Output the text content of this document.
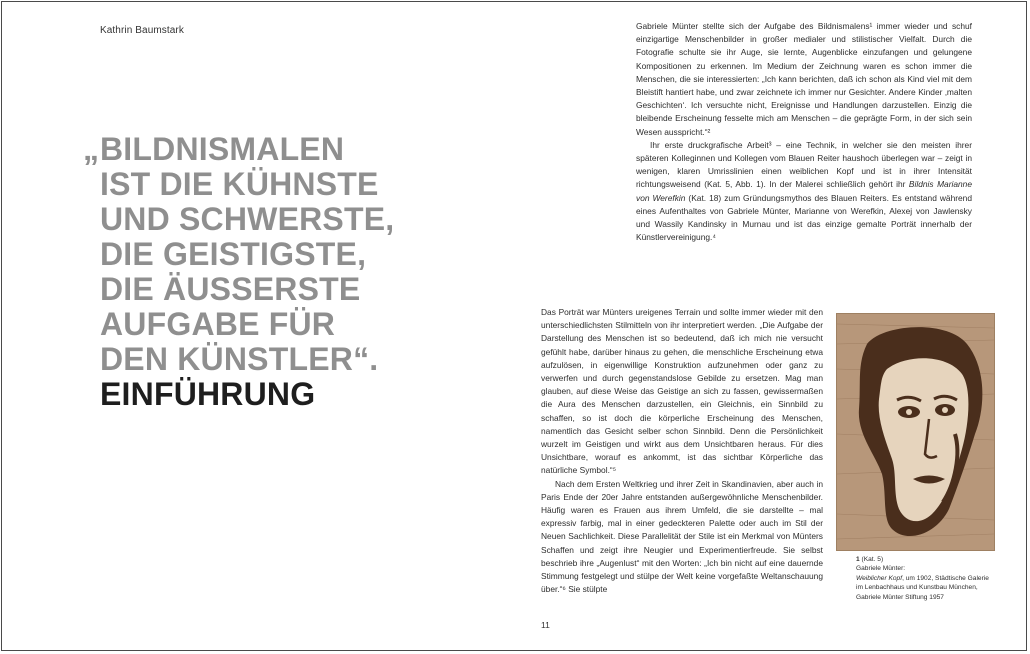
Kathrin Baumstark
„ BILDNISMALEN
IST DIE KÜHNSTE
UND SCHWERSTE,
DIE GEISTIGSTE,
DIE ÄUSSERSTE
AUFGABE FÜR
DEN KÜNSTLER“.
EINFÜHRUNG

Gabriele Münter stellte sich der Aufgabe des Bildnismalens¹ immer wieder und schuf einzigartige Menschenbilder in großer medialer und stilistischer Vielfalt. Durch die Fotografie schulte sie ihr Auge, sie lernte, Augenblicke einzufangen und gelungene Kompositionen zu erkennen. Im Medium der Zeichnung waren es schon immer die Menschen, die sie interessierten: „Ich kann berichten, daß ich schon als Kind viel mit dem Bleistift hantiert habe, und zwar zeichnete ich immer nur Gesichter. Andere Kinder ‚malten Geschichten‘. Ich versuchte nicht, Ereignisse und Handlungen darzustellen. Einzig die bleibende Erscheinung fesselte mich am Menschen – die geprägte Form, in der sich sein Wesen ausspricht.“²

Ihr erste druckgrafische Arbeit³ – eine Technik, in welcher sie den meisten ihrer späteren Kolleginnen und Kollegen vom Blauen Reiter haushoch überlegen war – zeigt in wenigen, klaren Umrisslinien einen weiblichen Kopf und ist in ihrer Intensität richtungsweisend (Kat. 5, Abb. 1). In der Malerei schließlich gehört ihr Bildnis Marianne von Werefkin (Kat. 18) zum Gründungsmythos des Blauen Reiters. Es entstand während eines Aufenthaltes von Gabriele Münter, Marianne von Werefkin, Alexej von Jawlensky und Wassily Kandinsky in Murnau und ist das einzige gemalte Porträt innerhalb der Künstlervereinigung.⁴

Das Porträt war Münters ureigenes Terrain und sollte immer wieder mit den unterschiedlichsten Stilmitteln von ihr interpretiert werden. „Die Aufgabe der Darstellung des Menschen ist so bedeutend, daß ich mich nie versucht gefühlt habe, darüber hinaus zu gehen, die menschliche Erscheinung etwa aufzulösen, in eigenwillige Konstruktion aufzunehmen oder ganz zu verwerfen und durch gegenstandslose Gebilde zu ersetzen. Mag man glauben, auf diese Weise das Geistige an sich zu fassen, gewissermaßen die Aura des Menschen darzustellen, ein Gleichnis, ein Sinnbild zu schaffen, so ist doch die körperliche Erscheinung des Menschen, namentlich das Gesicht selber schon Sinnbild. Denn die Persönlichkeit wurzelt im Geistigen und wirkt aus dem Unsichtbaren heraus. Für dies Unsichtbare, worauf es ankommt, ist das sichtbar Körperliche das natürliche Symbol.“⁵

Nach dem Ersten Weltkrieg und ihrer Zeit in Skandinavien, aber auch in Paris Ende der 20er Jahre entstanden außergewöhnliche Menschenbilder. Häufig waren es Frauen aus ihrem Umfeld, die sie darstellte – mal expressiv farbig, mal in einer gedeckteren Palette oder auch im Stil der Neuen Sachlichkeit. Diese Parallelität der Stile ist ein Merkmal von Münters Schaffen und zeigt ihre Neugier und Experimentierfreude. Sie selbst beschrieb ihre „Augenlust“ mit den Worten: „Ich bin nicht auf eine dauernde Stimmung festgelegt und stülpe der Welt keine vorgefaßte Weltanschauung über.“⁶ Sie stülpte

1 (Kat. 5)
Gabriele Münter:
Weiblicher Kopf, um 1902, Städtische Galerie im Lenbachhaus und Kunstbau München, Gabriele Münter Stiftung 1957
11
